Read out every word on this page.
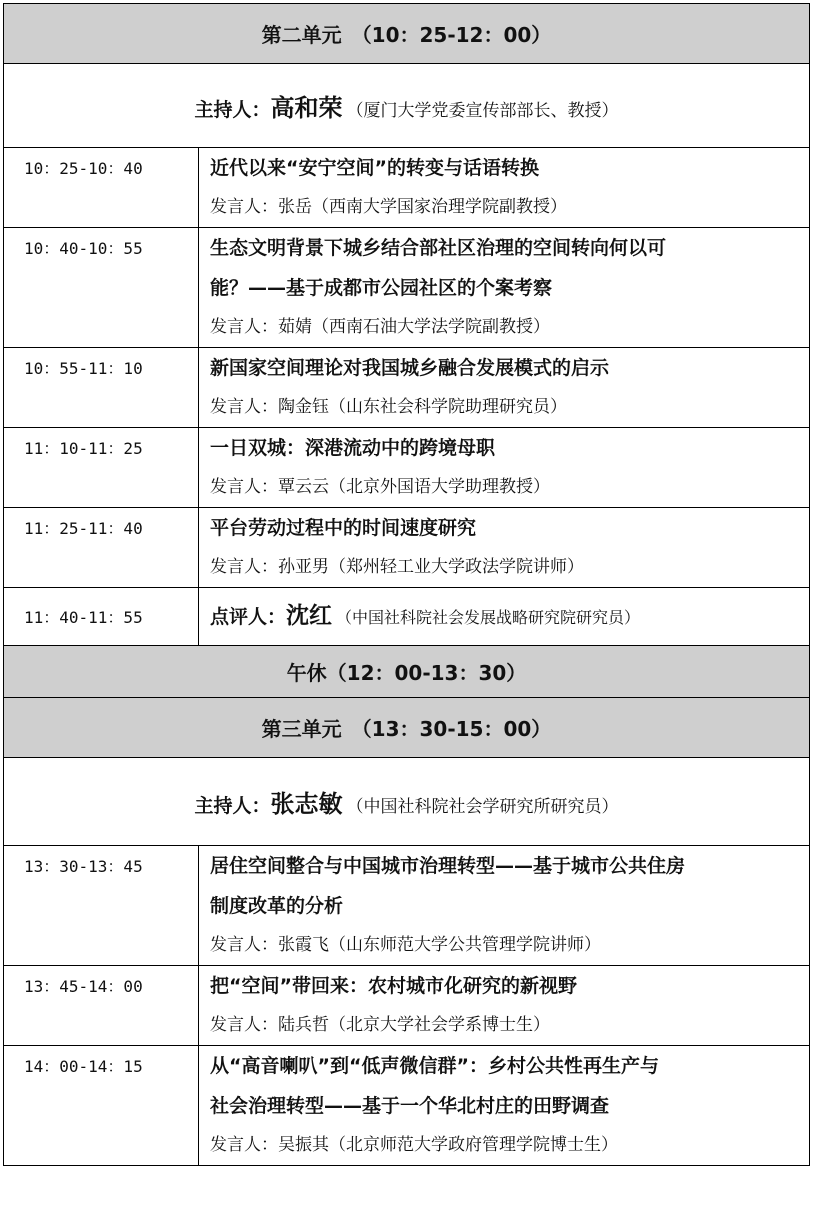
第二单元　（10：25-12：00）	
主持人：高和荣 （厦门大学党委宣传部部长、教授）	
10：25-10：40	近代以来“安宁空间”的转变与话语转换
发言人：张岳（西南大学国家治理学院副教授）

10：40-10：55	生态文明背景下城乡结合部社区治理的空间转向何以可
能？——基于成都市公园社区的个案考察
发言人：茹婧（西南石油大学法学院副教授）

10：55-11：10	新国家空间理论对我国城乡融合发展模式的启示
发言人：陶金钰（山东社会科学院助理研究员）

11：10-11：25	一日双城：深港流动中的跨境母职
发言人：覃云云（北京外国语大学助理教授）

11：25-11：40	平台劳动过程中的时间速度研究
发言人：孙亚男（郑州轻工业大学政法学院讲师）

11：40-11：55	点评人：沈红 （中国社科院社会发展战略研究院研究员）

午休（12：00-13：30）	
第三单元　（13：30-15：00）	
主持人：张志敏 （中国社科院社会学研究所研究员）	
13：30-13：45	居住空间整合与中国城市治理转型——基于城市公共住房
制度改革的分析
发言人：张霞飞（山东师范大学公共管理学院讲师）

13：45-14：00	把“空间”带回来：农村城市化研究的新视野
发言人：陆兵哲（北京大学社会学系博士生）

14：00-14：15	从“高音喇叭”到“低声微信群”：乡村公共性再生产与
社会治理转型——基于一个华北村庄的田野调查
发言人：吴振其（北京师范大学政府管理学院博士生）
